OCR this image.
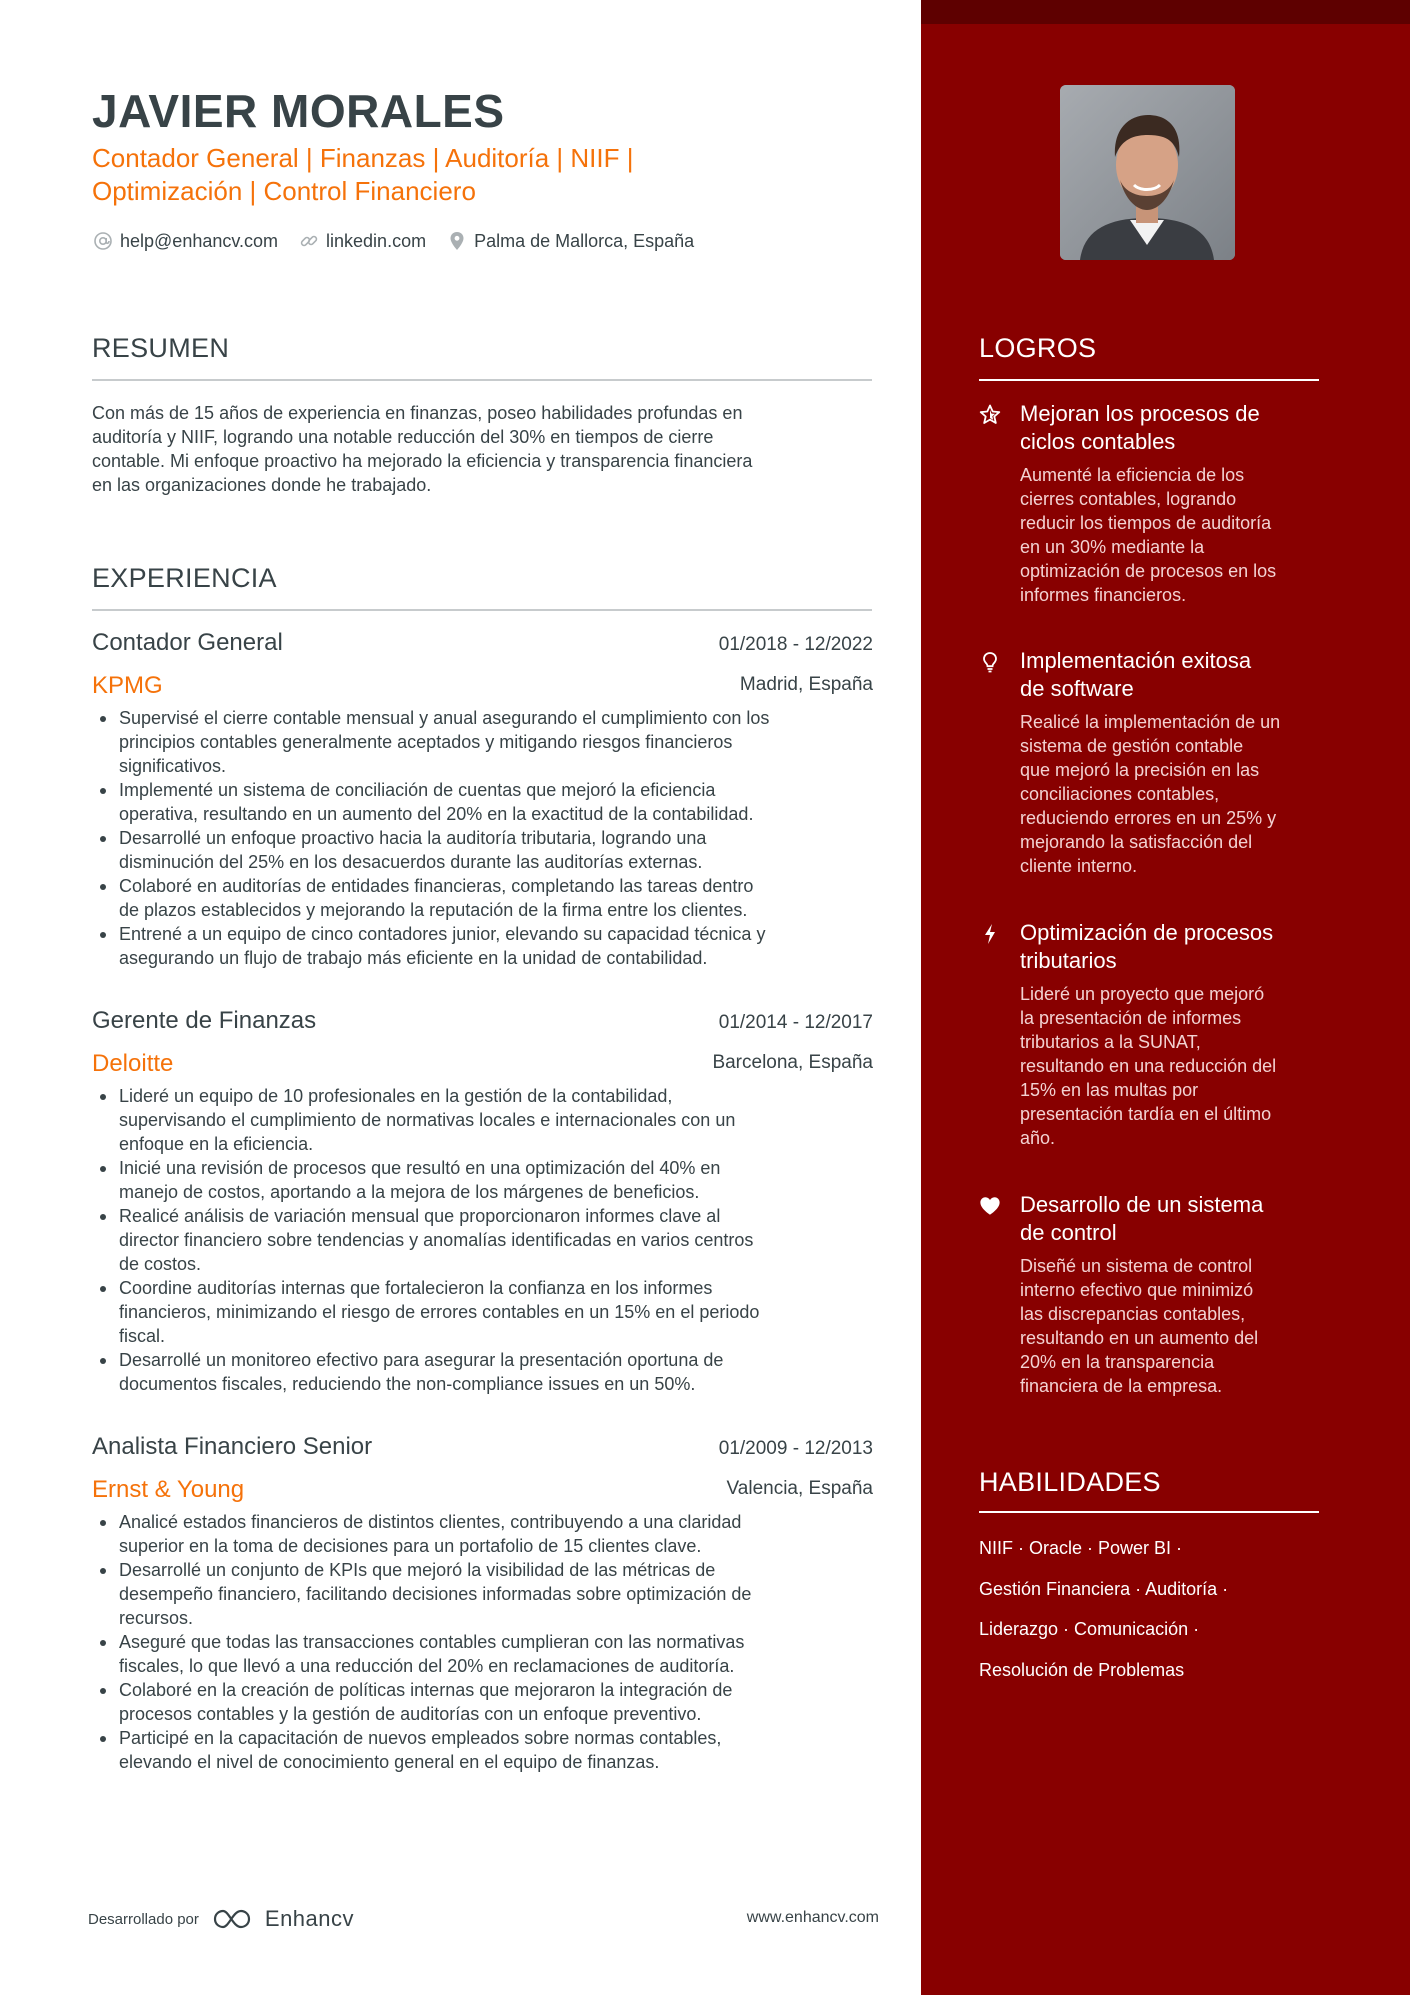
JAVIER MORALES
Contador General | Finanzas | Auditoría | NIIF |
Optimización | Control Financiero
help@enhancv.com	linkedin.com	Palma de Mallorca, España
RESUMEN
Con más de 15 años de experiencia en finanzas, poseo habilidades profundas en
auditoría y NIIF, logrando una notable reducción del 30% en tiempos de cierre
contable. Mi enfoque proactivo ha mejorado la eficiencia y transparencia financiera
en las organizaciones donde he trabajado.
EXPERIENCIA
Contador General	01/2018 - 12/2022
KPMG	Madrid, España
Supervisé el cierre contable mensual y anual asegurando el cumplimiento con los
principios contables generalmente aceptados y mitigando riesgos financieros
significativos.
Implementé un sistema de conciliación de cuentas que mejoró la eficiencia
operativa, resultando en un aumento del 20% en la exactitud de la contabilidad.
Desarrollé un enfoque proactivo hacia la auditoría tributaria, logrando una
disminución del 25% en los desacuerdos durante las auditorías externas.
Colaboré en auditorías de entidades financieras, completando las tareas dentro
de plazos establecidos y mejorando la reputación de la firma entre los clientes.
Entrené a un equipo de cinco contadores junior, elevando su capacidad técnica y
asegurando un flujo de trabajo más eficiente en la unidad de contabilidad.
Gerente de Finanzas	01/2014 - 12/2017
Deloitte	Barcelona, España
Lideré un equipo de 10 profesionales en la gestión de la contabilidad,
supervisando el cumplimiento de normativas locales e internacionales con un
enfoque en la eficiencia.
Inicié una revisión de procesos que resultó en una optimización del 40% en
manejo de costos, aportando a la mejora de los márgenes de beneficios.
Realicé análisis de variación mensual que proporcionaron informes clave al
director financiero sobre tendencias y anomalías identificadas en varios centros
de costos.
Coordine auditorías internas que fortalecieron la confianza en los informes
financieros, minimizando el riesgo de errores contables en un 15% en el periodo
fiscal.
Desarrollé un monitoreo efectivo para asegurar la presentación oportuna de
documentos fiscales, reduciendo the non-compliance issues en un 50%.
Analista Financiero Senior	01/2009 - 12/2013
Ernst & Young	Valencia, España
Analicé estados financieros de distintos clientes, contribuyendo a una claridad
superior en la toma de decisiones para un portafolio de 15 clientes clave.
Desarrollé un conjunto de KPIs que mejoró la visibilidad de las métricas de
desempeño financiero, facilitando decisiones informadas sobre optimización de
recursos.
Aseguré que todas las transacciones contables cumplieran con las normativas
fiscales, lo que llevó a una reducción del 20% en reclamaciones de auditoría.
Colaboré en la creación de políticas internas que mejoraron la integración de
procesos contables y la gestión de auditorías con un enfoque preventivo.
Participé en la capacitación de nuevos empleados sobre normas contables,
elevando el nivel de conocimiento general en el equipo de finanzas.
Desarrollado por	Enhancv	www.enhancv.com
LOGROS
Mejoran los procesos de
ciclos contables
Aumenté la eficiencia de los
cierres contables, logrando
reducir los tiempos de auditoría
en un 30% mediante la
optimización de procesos en los
informes financieros.
Implementación exitosa
de software
Realicé la implementación de un
sistema de gestión contable
que mejoró la precisión en las
conciliaciones contables,
reduciendo errores en un 25% y
mejorando la satisfacción del
cliente interno.
Optimización de procesos
tributarios
Lideré un proyecto que mejoró
la presentación de informes
tributarios a la SUNAT,
resultando en una reducción del
15% en las multas por
presentación tardía en el último
año.
Desarrollo de un sistema
de control
Diseñé un sistema de control
interno efectivo que minimizó
las discrepancias contables,
resultando en un aumento del
20% en la transparencia
financiera de la empresa.
HABILIDADES
NIIF · Oracle · Power BI ·
Gestión Financiera · Auditoría ·
Liderazgo · Comunicación ·
Resolución de Problemas
